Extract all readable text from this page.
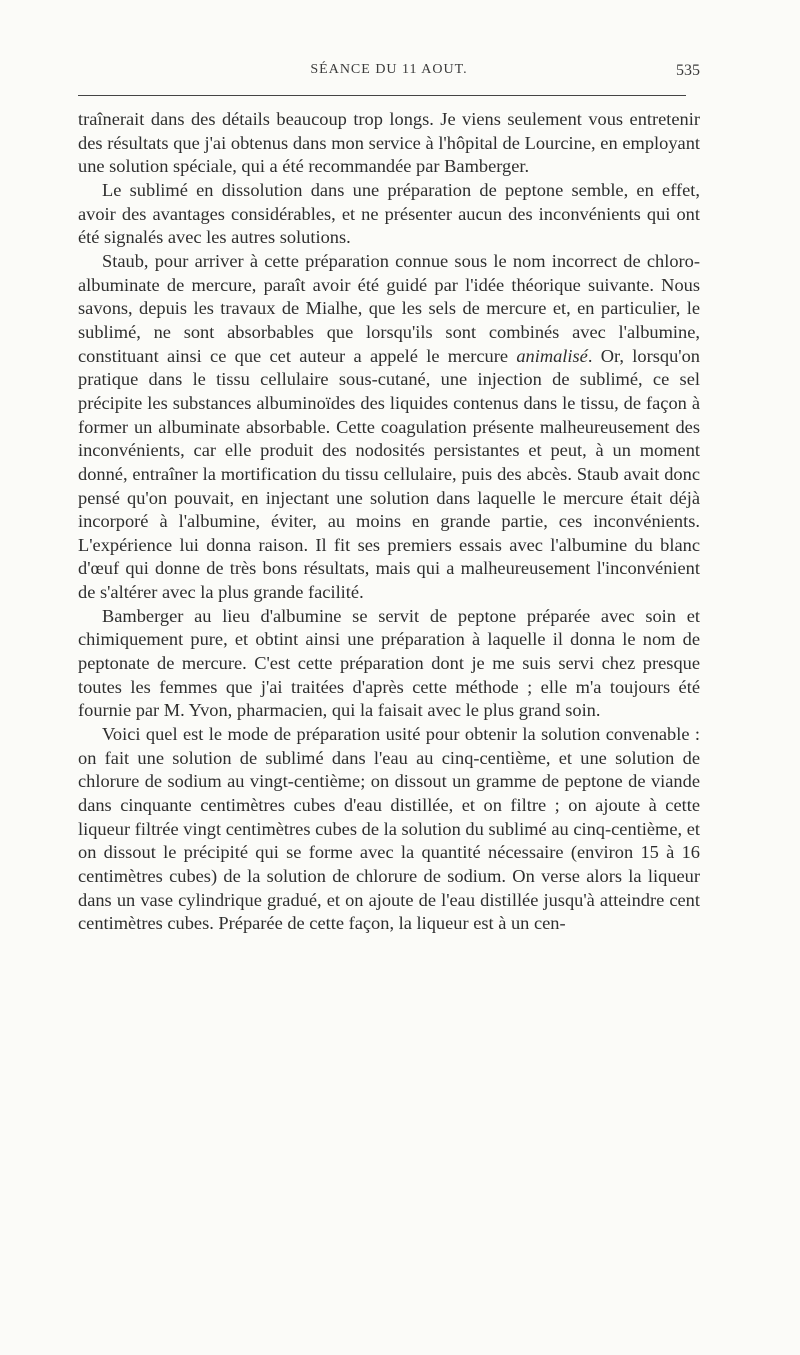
SÉANCE DU 11 AOUT.	535

traînerait dans des détails beaucoup trop longs. Je viens seulement vous entretenir des résultats que j'ai obtenus dans mon service à l'hôpital de Lourcine, en employant une solution spéciale, qui a été recommandée par Bamberger.

Le sublimé en dissolution dans une préparation de peptone semble, en effet, avoir des avantages considérables, et ne présenter aucun des inconvénients qui ont été signalés avec les autres solutions.

Staub, pour arriver à cette préparation connue sous le nom incorrect de chloro-albuminate de mercure, paraît avoir été guidé par l'idée théorique suivante. Nous savons, depuis les travaux de Mialhe, que les sels de mercure et, en particulier, le sublimé, ne sont absorbables que lorsqu'ils sont combinés avec l'albumine, constituant ainsi ce que cet auteur a appelé le mercure animalisé. Or, lorsqu'on pratique dans le tissu cellulaire sous-cutané, une injection de sublimé, ce sel précipite les substances albuminoïdes des liquides contenus dans le tissu, de façon à former un albuminate absorbable. Cette coagulation présente malheureusement des inconvénients, car elle produit des nodosités persistantes et peut, à un moment donné, entraîner la mortification du tissu cellulaire, puis des abcès. Staub avait donc pensé qu'on pouvait, en injectant une solution dans laquelle le mercure était déjà incorporé à l'albumine, éviter, au moins en grande partie, ces inconvénients. L'expérience lui donna raison. Il fit ses premiers essais avec l'albumine du blanc d'œuf qui donne de très bons résultats, mais qui a malheureusement l'inconvénient de s'altérer avec la plus grande facilité.

Bamberger au lieu d'albumine se servit de peptone préparée avec soin et chimiquement pure, et obtint ainsi une préparation à laquelle il donna le nom de peptonate de mercure. C'est cette préparation dont je me suis servi chez presque toutes les femmes que j'ai traitées d'après cette méthode ; elle m'a toujours été fournie par M. Yvon, pharmacien, qui la faisait avec le plus grand soin.

Voici quel est le mode de préparation usité pour obtenir la solution convenable : on fait une solution de sublimé dans l'eau au cinq-centième, et une solution de chlorure de sodium au vingt-centième; on dissout un gramme de peptone de viande dans cinquante centimètres cubes d'eau distillée, et on filtre ; on ajoute à cette liqueur filtrée vingt centimètres cubes de la solution du sublimé au cinq-centième, et on dissout le précipité qui se forme avec la quantité nécessaire (environ 15 à 16 centimètres cubes) de la solution de chlorure de sodium. On verse alors la liqueur dans un vase cylindrique gradué, et on ajoute de l'eau distillée jusqu'à atteindre cent centimètres cubes. Préparée de cette façon, la liqueur est à un cen-
